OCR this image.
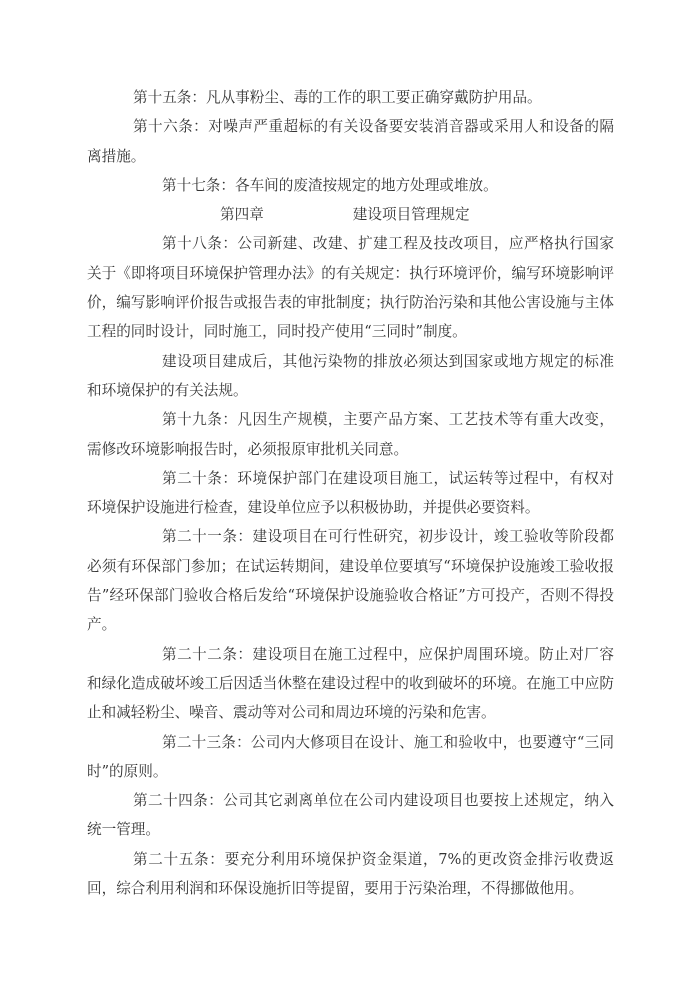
第十五条：凡从事粉尘、毒的工作的职工要正确穿戴防护用品。

第十六条：对噪声严重超标的有关设备要安装消音器或采用人和设备的隔离措施。

第十七条：各车间的废渣按规定的地方处理或堆放。

第四章	建设项目管理规定

第十八条：公司新建、改建、扩建工程及技改项目，应严格执行国家关于《即将项目环境保护管理办法》的有关规定：执行环境评价，编写环境影响评价，编写影响评价报告或报告表的审批制度；执行防治污染和其他公害设施与主体工程的同时设计，同时施工，同时投产使用“三同时”制度。

建设项目建成后，其他污染物的排放必须达到国家或地方规定的标准和环境保护的有关法规。

第十九条：凡因生产规模，主要产品方案、工艺技术等有重大改变，需修改环境影响报告时，必须报原审批机关同意。

第二十条：环境保护部门在建设项目施工，试运转等过程中，有权对环境保护设施进行检查，建设单位应予以积极协助，并提供必要资料。

第二十一条：建设项目在可行性研究，初步设计，竣工验收等阶段都必须有环保部门参加；在试运转期间，建设单位要填写“环境保护设施竣工验收报告”经环保部门验收合格后发给“环境保护设施验收合格证”方可投产，否则不得投产。

第二十二条：建设项目在施工过程中，应保护周围环境。防止对厂容和绿化造成破坏竣工后因适当休整在建设过程中的收到破坏的环境。在施工中应防止和减轻粉尘、噪音、震动等对公司和周边环境的污染和危害。

第二十三条：公司内大修项目在设计、施工和验收中，也要遵守“三同时”的原则。

第二十四条：公司其它剥离单位在公司内建设项目也要按上述规定，纳入统一管理。

第二十五条：要充分利用环境保护资金渠道，7%的更改资金排污收费返回，综合利用利润和环保设施折旧等提留，要用于污染治理，不得挪做他用。
